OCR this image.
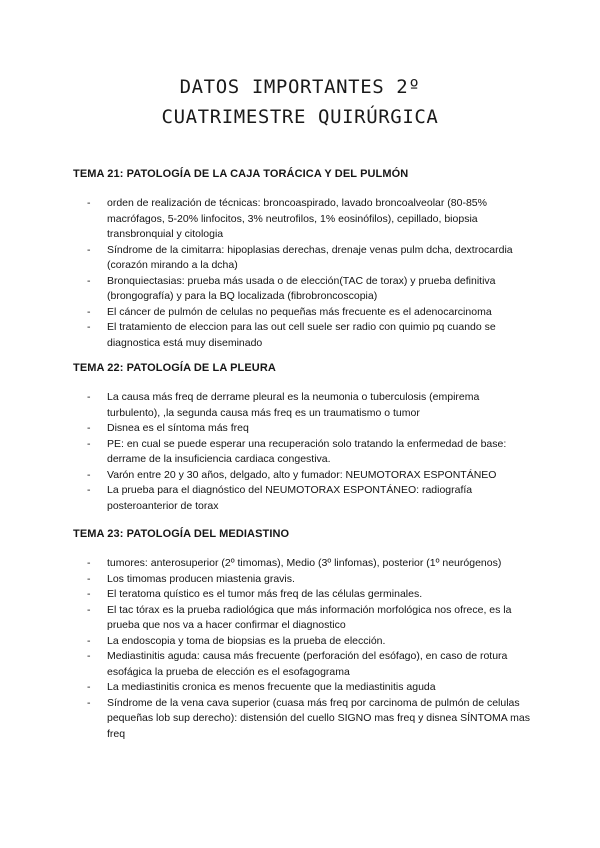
DATOS IMPORTANTES 2º
CUATRIMESTRE QUIRÚRGICA
TEMA 21: PATOLOGÍA DE LA CAJA TORÁCICA Y DEL PULMÓN
- orden de realización de técnicas: broncoaspirado, lavado broncoalveolar (80-85% macrófagos, 5-20% linfocitos, 3% neutrofilos, 1% eosinófilos), cepillado, biopsia transbronquial y citologia
- Síndrome de la cimitarra: hipoplasias derechas, drenaje venas pulm dcha, dextrocardia (corazón mirando a la dcha)
- Bronquiectasias: prueba más usada o de elección(TAC de torax) y prueba definitiva (brongografía) y para la BQ localizada (fibrobroncoscopia)
- El cáncer de pulmón de celulas no pequeñas más frecuente es el adenocarcinoma
- El tratamiento de eleccion para las out cell suele ser radio con quimio pq cuando se diagnostica está muy diseminado
TEMA 22: PATOLOGÍA DE LA PLEURA
- La causa más freq de derrame pleural es la neumonia o tuberculosis (empirema turbulento), ,la segunda causa más freq es un traumatismo o tumor
- Disnea es el síntoma más freq
- PE: en cual se puede esperar una recuperación solo tratando la enfermedad de base: derrame de la insuficiencia cardiaca congestiva.
- Varón entre 20 y 30 años, delgado, alto y fumador: NEUMOTORAX ESPONTÁNEO
- La prueba para el diagnóstico del NEUMOTORAX ESPONTÁNEO: radiografía posteroanterior de torax
TEMA 23: PATOLOGÍA DEL MEDIASTINO
- tumores: anterosuperior (2º timomas), Medio (3º linfomas), posterior (1º neurógenos)
- Los timomas producen miastenia gravis.
- El teratoma quístico es el tumor más freq de las células germinales.
- El tac tórax es la prueba radiológica que más información morfológica nos ofrece, es la prueba que nos va a hacer confirmar el diagnostico
- La endoscopia y toma de biopsias es la prueba de elección.
- Mediastinitis aguda: causa más frecuente (perforación del esófago), en caso de rotura esofágica la prueba de elección es el esofagograma
- La mediastinitis cronica es menos frecuente que la mediastinitis aguda
- Síndrome de la vena cava superior (cuasa más freq por carcinoma de pulmón de celulas pequeñas lob sup derecho): distensión del cuello SIGNO mas freq y disnea SÍNTOMA mas freq
